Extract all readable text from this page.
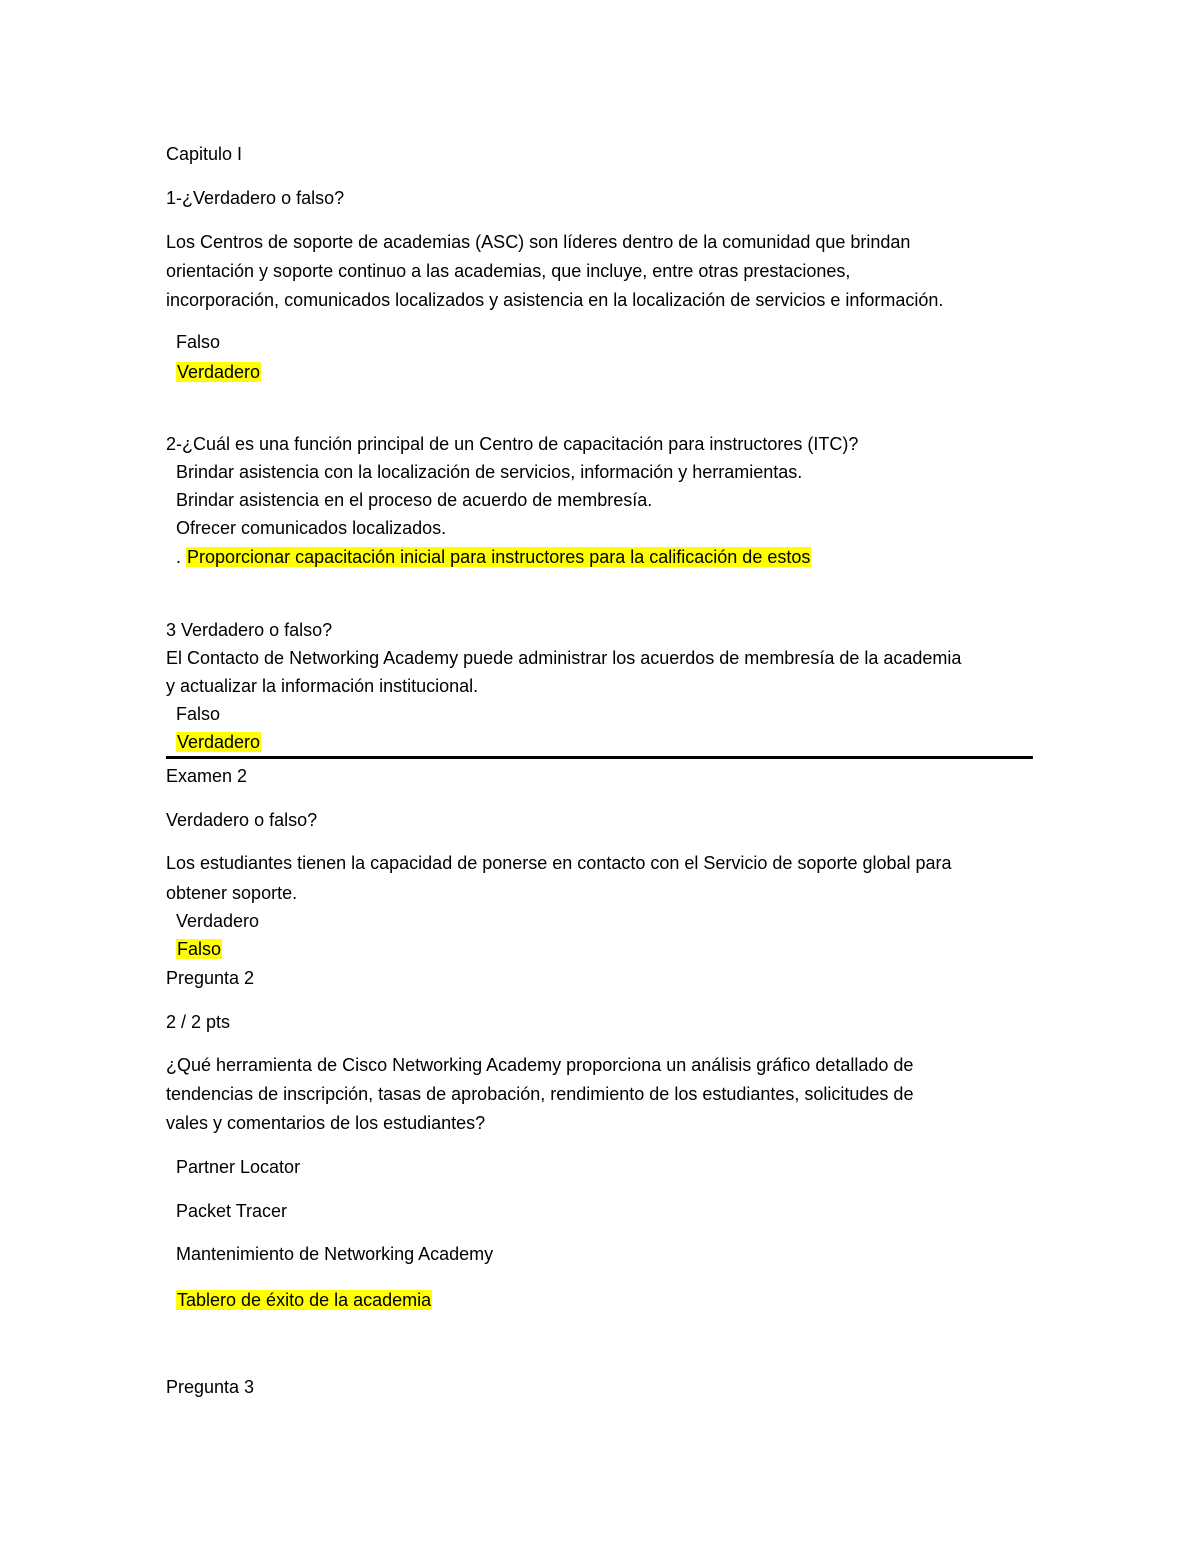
Capitulo I
1-¿Verdadero o falso?
Los Centros de soporte de academias (ASC) son líderes dentro de la comunidad que brindan
orientación y soporte continuo a las academias, que incluye, entre otras prestaciones,
incorporación, comunicados localizados y asistencia en la localización de servicios e información.
Falso
Verdadero
2-¿Cuál es una función principal de un Centro de capacitación para instructores (ITC)?
Brindar asistencia con la localización de servicios, información y herramientas.
Brindar asistencia en el proceso de acuerdo de membresía.
Ofrecer comunicados localizados.
. Proporcionar capacitación inicial para instructores para la calificación de estos
3 Verdadero o falso?
El Contacto de Networking Academy puede administrar los acuerdos de membresía de la academia
y actualizar la información institucional.
Falso
Verdadero
Examen 2
Verdadero o falso?
Los estudiantes tienen la capacidad de ponerse en contacto con el Servicio de soporte global para
obtener soporte.
Verdadero
Falso
Pregunta 2
2 / 2 pts
¿Qué herramienta de Cisco Networking Academy proporciona un análisis gráfico detallado de
tendencias de inscripción, tasas de aprobación, rendimiento de los estudiantes, solicitudes de
vales y comentarios de los estudiantes?
Partner Locator
Packet Tracer
Mantenimiento de Networking Academy
Tablero de éxito de la academia
Pregunta 3
